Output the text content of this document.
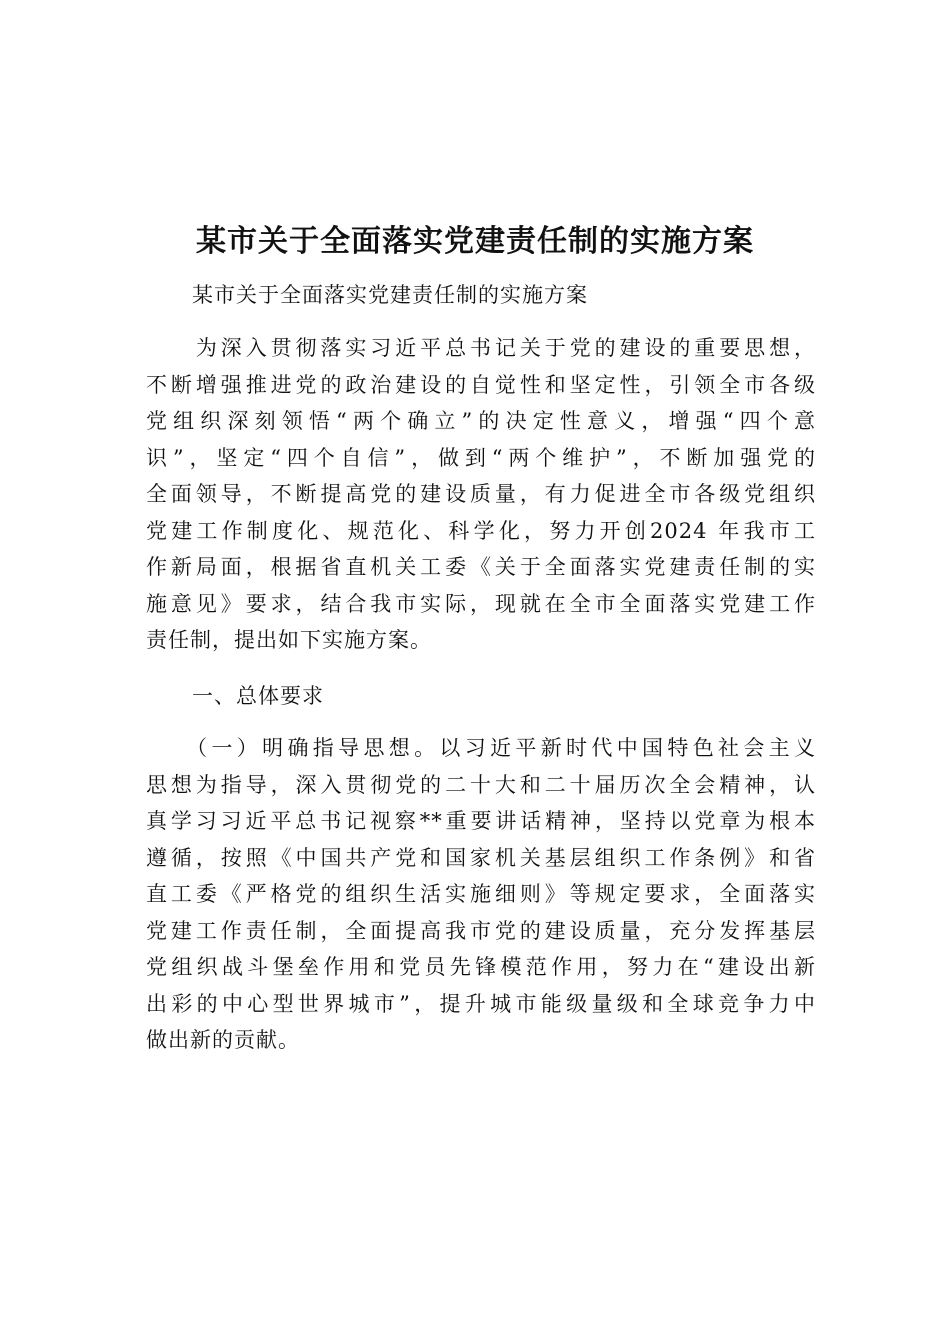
某市关于全面落实党建责任制的实施方案

某市关于全面落实党建责任制的实施方案

　　为深入贯彻落实习近平总书记关于党的建设的重要思想，
不断增强推进党的政治建设的自觉性和坚定性，引领全市各级
党组织深刻领悟“两个确立”的决定性意义，增强“四个意
识”，坚定“四个自信”，做到“两个维护”，不断加强党的
全面领导，不断提高党的建设质量，有力促进全市各级党组织
党建工作制度化、规范化、科学化，努力开创2024 年我市工
作新局面，根据省直机关工委《关于全面落实党建责任制的实
施意见》要求，结合我市实际，现就在全市全面落实党建工作
责任制，提出如下实施方案。

一、总体要求

　　（一）明确指导思想。以习近平新时代中国特色社会主义
思想为指导，深入贯彻党的二十大和二十届历次全会精神，认
真学习习近平总书记视察**重要讲话精神，坚持以党章为根本
遵循，按照《中国共产党和国家机关基层组织工作条例》和省
直工委《严格党的组织生活实施细则》等规定要求，全面落实
党建工作责任制，全面提高我市党的建设质量，充分发挥基层
党组织战斗堡垒作用和党员先锋模范作用，努力在“建设出新
出彩的中心型世界城市”，提升城市能级量级和全球竞争力中
做出新的贡献。
